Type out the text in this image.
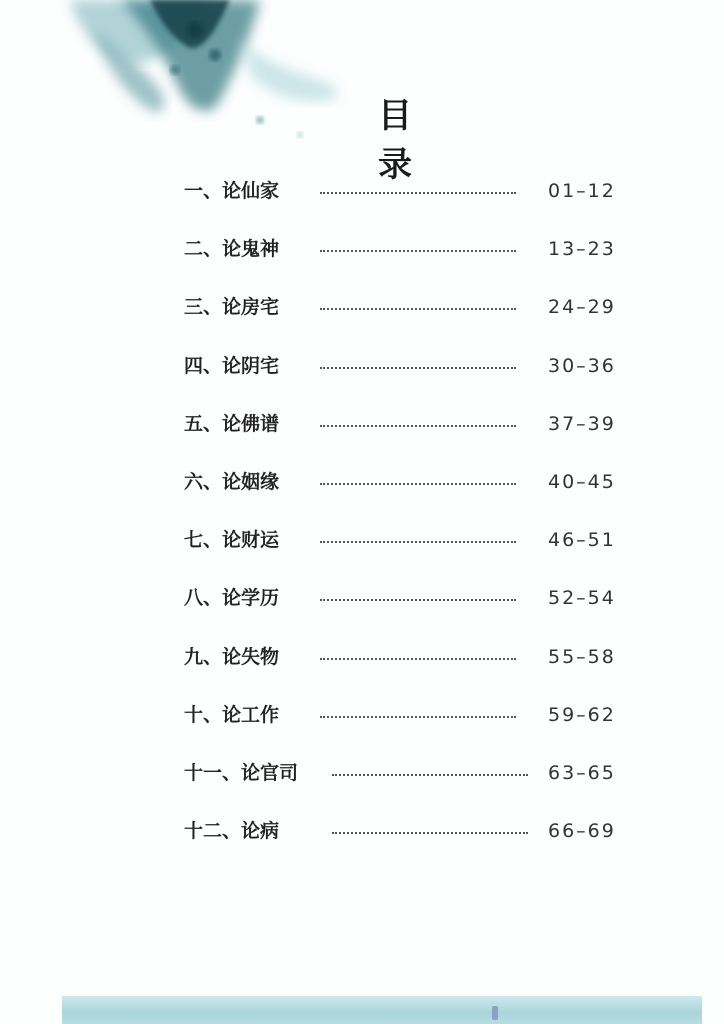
目 录
一、论仙家	01–12
二、论鬼神	13–23
三、论房宅	24–29
四、论阴宅	30–36
五、论佛谱	37–39
六、论姻缘	40–45
七、论财运	46–51
八、论学历	52–54
九、论失物	55–58
十、论工作	59–62
十一、论官司	63–65
十二、论病	66–69
